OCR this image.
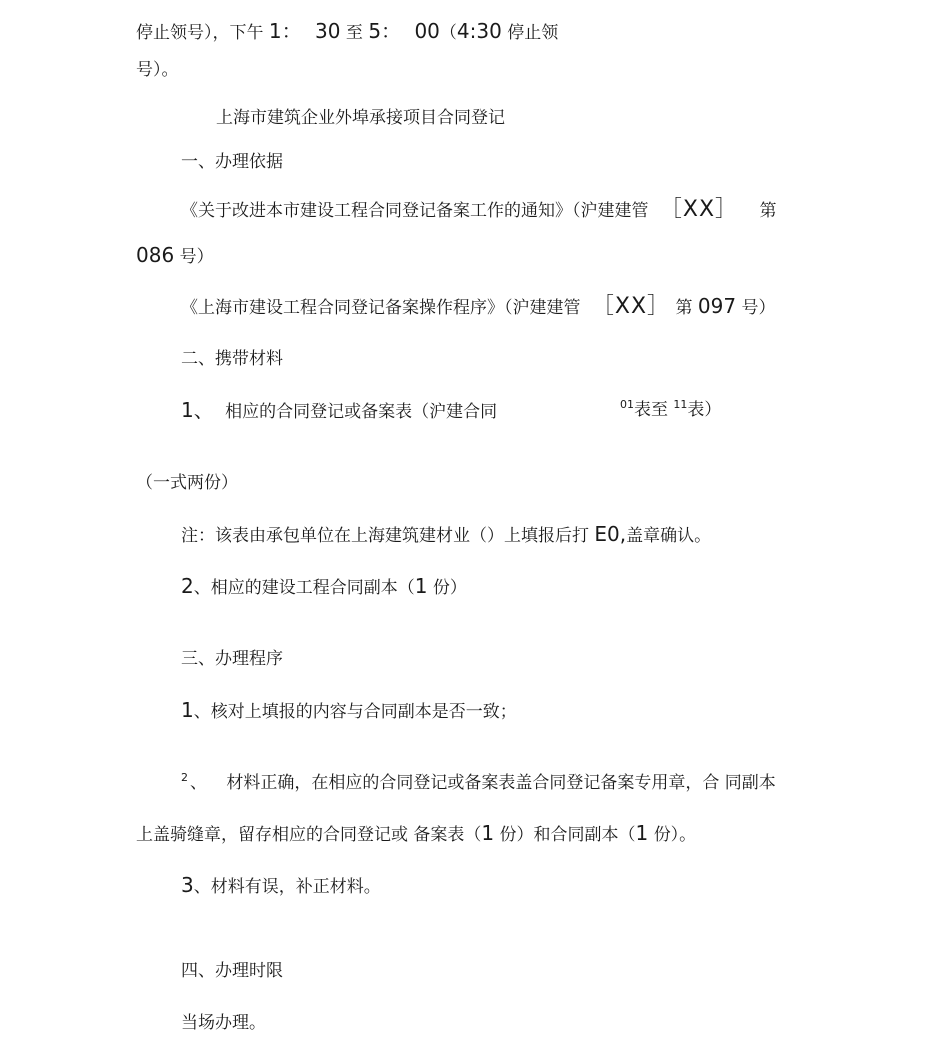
停止领号），下午 1： 30 至 5： 00（4:30 停止领
号）。
上海市建筑企业外埠承接项目合同登记
一、办理依据
《关于改进本市建设工程合同登记备案工作的通知》（沪建建管 ［XX］ 第
086 号）
《上海市建设工程合同登记备案操作程序》（沪建建管 ［XX］ 第 097 号）
二、携带材料
1、 相应的合同登记或备案表（沪建合同	$^{01}$表至 $^{11}$表）
（一式两份）
注：该表由承包单位在上海建筑建材业（）上填报后打 E0,盖章确认。
2、相应的建设工程合同副本（1 份）
三、办理程序
1、核对上填报的内容与合同副本是否一致；
$^2$ 、 材料正确，在相应的合同登记或备案表盖合同登记备案专用章，合 同副本
上盖骑缝章，留存相应的合同登记或 备案表（1 份）和合同副本（1 份）。
3、材料有误，补正材料。
四、办理时限
当场办理。
